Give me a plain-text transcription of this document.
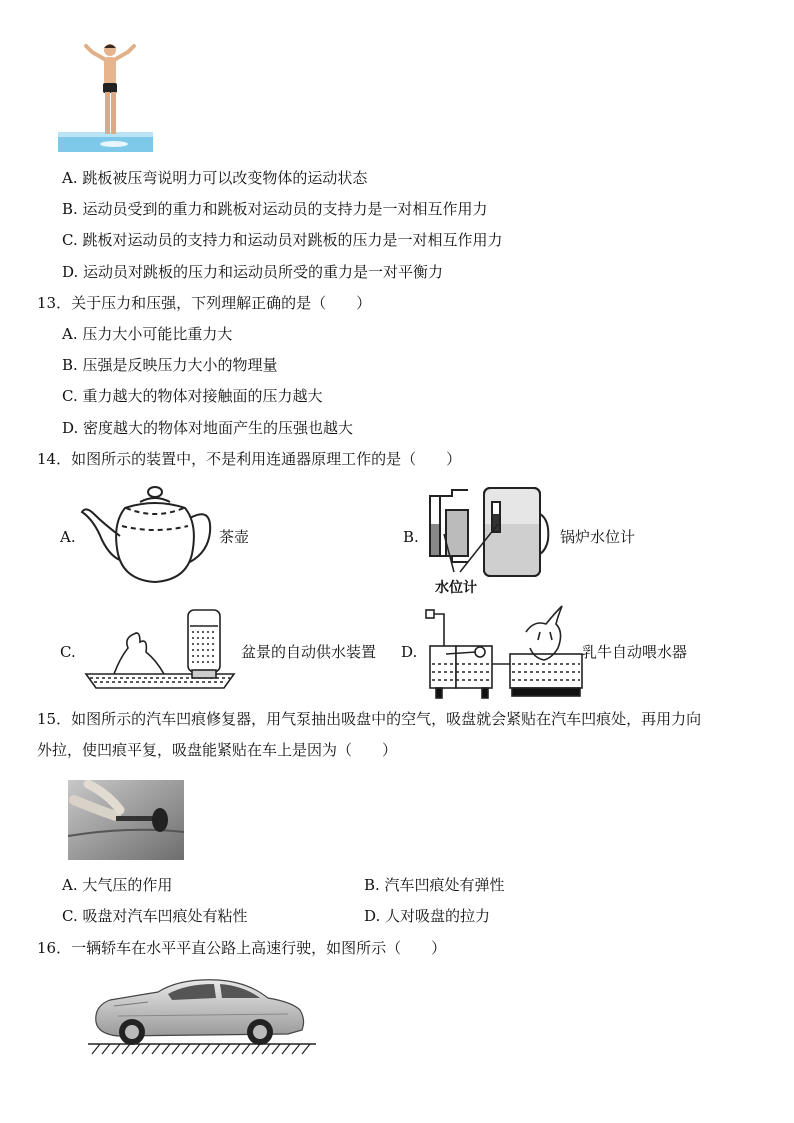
A. 跳板被压弯说明力可以改变物体的运动状态
B. 运动员受到的重力和跳板对运动员的支持力是一对相互作用力
C. 跳板对运动员的支持力和运动员对跳板的压力是一对相互作用力
D. 运动员对跳板的压力和运动员所受的重力是一对平衡力
13．关于压力和压强，下列理解正确的是（　　）
A. 压力大小可能比重力大
B. 压强是反映压力大小的物理量
C. 重力越大的物体对接触面的压力越大
D. 密度越大的物体对地面产生的压强也越大
14．如图所示的装置中，不是利用连通器原理工作的是（　　）
A.	茶壶	B.
水位计
锅炉水位计
C.	盆景的自动供水装置 D.	乳牛自动喂水器
15．如图所示的汽车凹痕修复器，用气泵抽出吸盘中的空气，吸盘就会紧贴在汽车凹痕处，再用力向
外拉，使凹痕平复，吸盘能紧贴在车上是因为（　　）
A. 大气压的作用	B. 汽车凹痕处有弹性
C. 吸盘对汽车凹痕处有粘性	D. 人对吸盘的拉力
16．一辆轿车在水平平直公路上高速行驶，如图所示（　　）
